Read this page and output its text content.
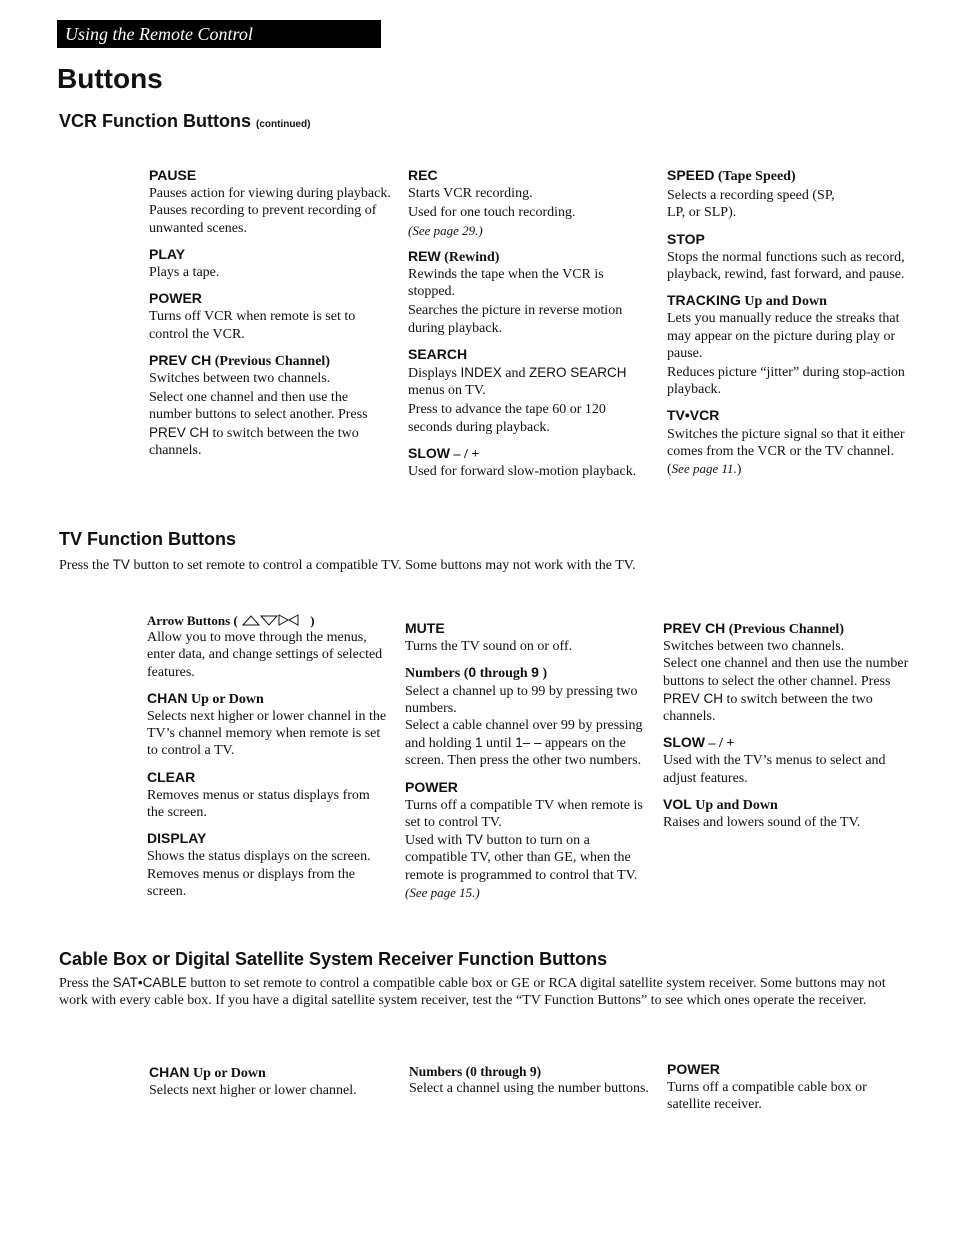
Using the Remote Control
Buttons
VCR Function Buttons (continued)
PAUSE
Pauses action for viewing during playback.
Pauses recording to prevent recording of unwanted scenes.
PLAY
Plays a tape.
POWER
Turns off VCR when remote is set to control the VCR.
PREV CH (Previous Channel)
Switches between two channels.
Select one channel and then use the number buttons to select another. Press PREV CH to switch between the two channels.
REC
Starts VCR recording.
Used for one touch recording.
(See page 29.)
REW (Rewind)
Rewinds the tape when the VCR is stopped.
Searches the picture in reverse motion during playback.
SEARCH
Displays INDEX and ZERO SEARCH menus on TV.
Press to advance the tape 60 or 120 seconds during playback.
SLOW – / +
Used for forward slow-motion playback.
SPEED (Tape Speed)
Selects a recording speed (SP, LP, or SLP).
STOP
Stops the normal functions such as record, playback, rewind, fast forward, and pause.
TRACKING Up and Down
Lets you manually reduce the streaks that may appear on the picture during play or pause.
Reduces picture “jitter” during stop-action playback.
TV•VCR
Switches the picture signal so that it either comes from the VCR or the TV channel.  (See page 11.)
TV Function Buttons

Press the TV button to set remote to control a compatible TV. Some buttons may not work with the TV.

Arrow Buttons (	)
Allow you to move through the menus, enter data, and change settings of selected features.
CHAN Up or Down
Selects next higher or lower channel in the TV’s channel memory when remote is set to control a TV.
CLEAR
Removes menus or status displays from the screen.
DISPLAY
Shows the status displays on the screen.
Removes menus or displays from the screen.
MUTE
Turns the TV sound on or off.
Numbers (0 through 9 )
Select a channel up to 99 by pressing two numbers.
Select a cable channel over 99 by pressing and holding 1 until 1– – appears on the screen. Then press the other two numbers.
POWER
Turns off a compatible TV when remote is set to control TV.
Used with TV button to turn on a compatible TV, other than GE, when the remote is programmed to control that TV.  (See page 15.)
PREV CH (Previous Channel)
Switches between two channels.
Select one channel and then use the number buttons to select the other channel. Press PREV CH to switch between the two channels.
SLOW – / +
Used with the TV’s menus to select and adjust features.
VOL Up and Down
Raises and lowers sound of the TV.
Cable Box or Digital Satellite System Receiver Function Buttons

Press the SAT•CABLE button to set remote to control a compatible cable box or GE or RCA digital satellite system receiver. Some buttons may not work with every cable box. If you have a digital satellite system receiver, test the “TV Function Buttons” to see which ones operate the receiver.

CHAN Up or Down
Selects next higher or lower channel.
Numbers (0 through 9)
Select a channel using the number buttons.
POWER
Turns off a compatible cable box or satellite receiver.
